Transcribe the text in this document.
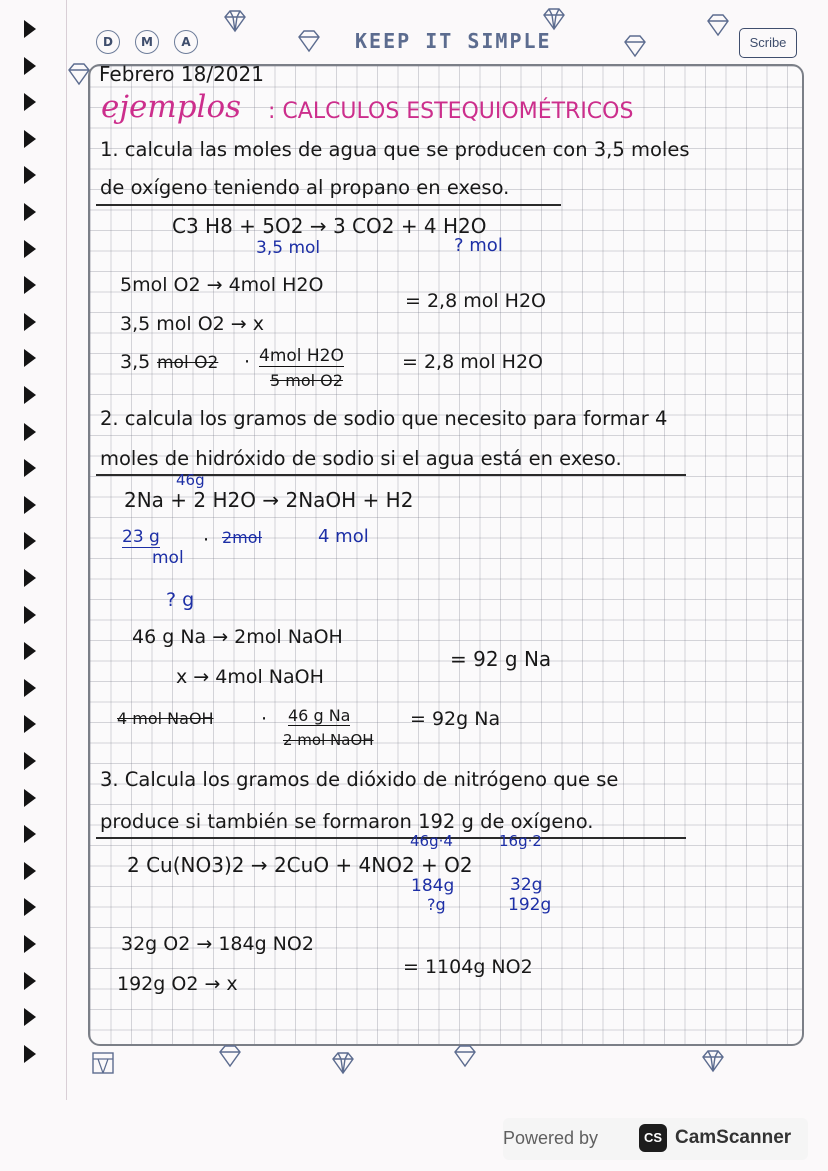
D	M	A	KEEP IT SIMPLE	Scribe
Febrero 18/2021
ejemplos : CALCULOS ESTEQUIOMÉTRICOS
1. calcula las moles de agua que se producen con 3,5 moles
de oxígeno teniendo al propano en exeso.
C3 H8 + 5O2 → 3 CO2 + 4 H2O
3,5 mol	? mol
5mol O2 → 4mol H2O
3,5 mol O2 → x
= 2,8 mol H2O
3,5 mol O2 · 4mol H2O
5 mol O2
= 2,8 mol H2O
2. calcula los gramos de sodio que necesito para formar 4
moles de hidróxido de sodio si el agua está en exeso.
46g
2Na + 2 H2O → 2NaOH + H2
23 g
mol
· 2mol	4 mol
? g
46 g Na → 2mol NaOH
x → 4mol NaOH
= 92 g Na
4 mol NaOH · 46 g Na
2 mol NaOH
= 92g Na
3. Calcula los gramos de dióxido de nitrógeno que se
produce si también se formaron 192 g de oxígeno.
46g·4	16g·2
2 Cu(NO3)2 → 2CuO + 4NO2 + O2
184g
?g
32g
192g
32g O2 → 184g NO2
192g O2 → x
= 1104g NO2
Powered by	CS CamScanner
